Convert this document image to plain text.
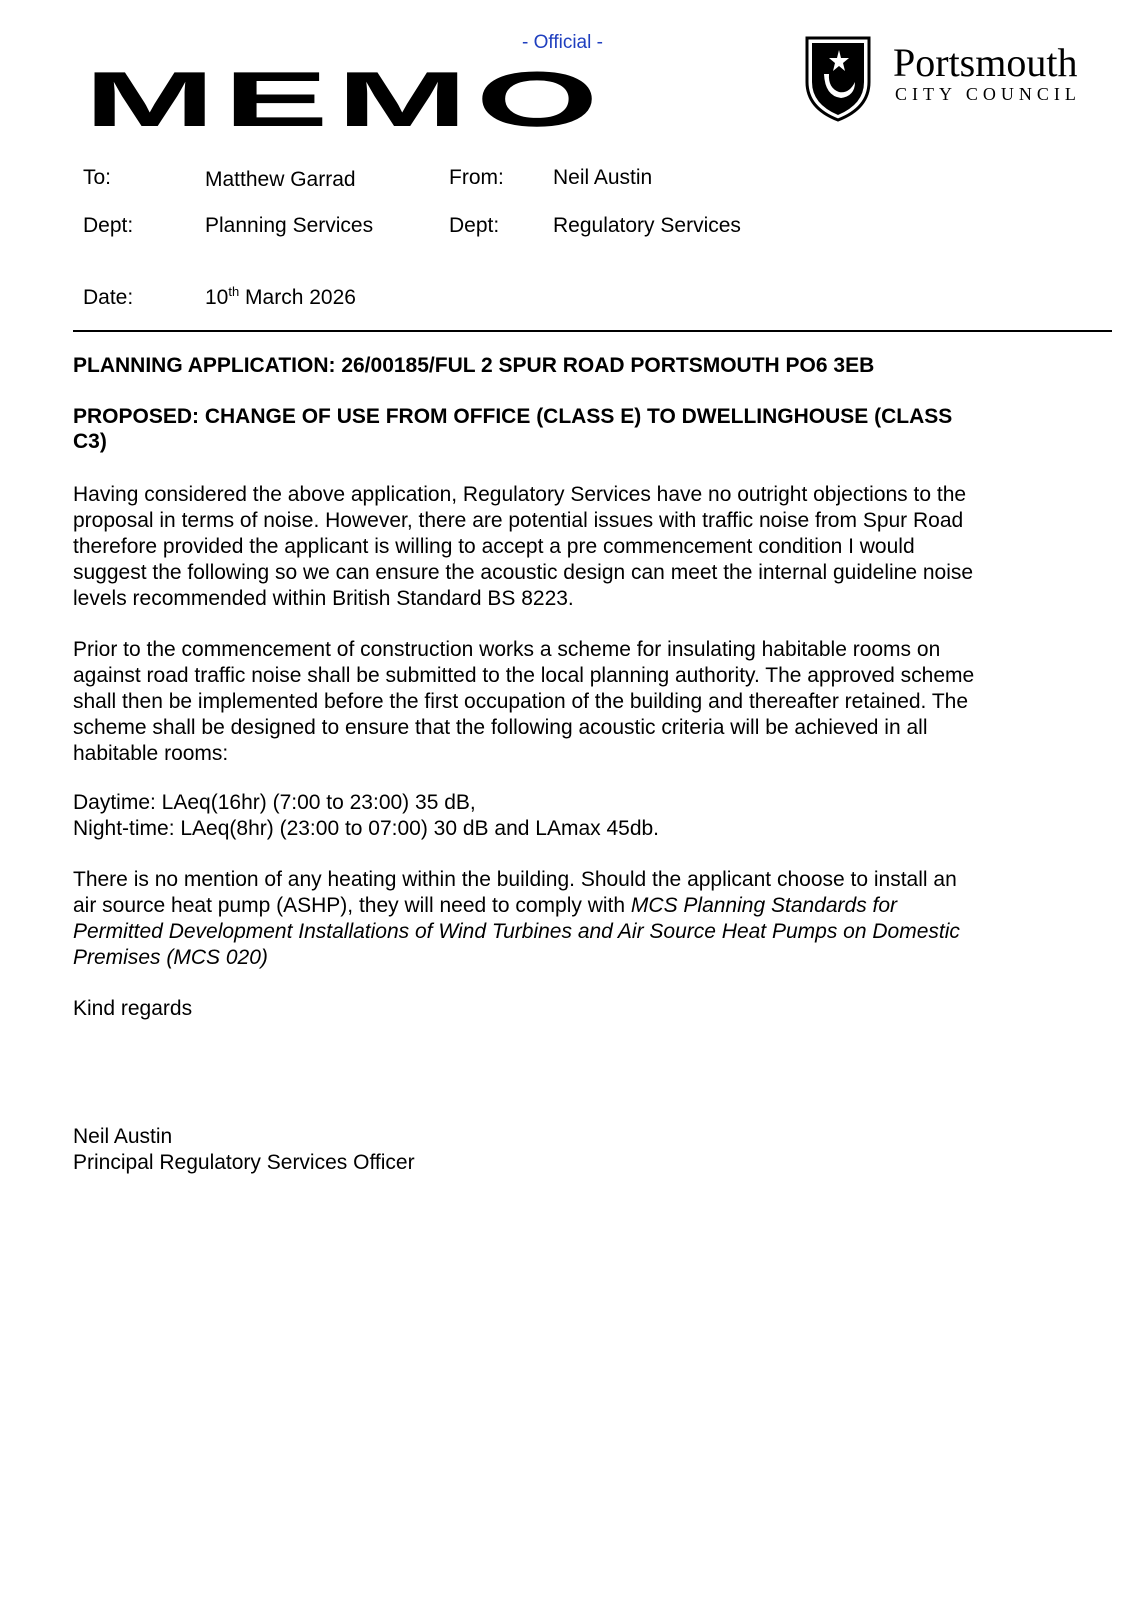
- Official -
MEMO	Portsmouth
CITY COUNCIL
To:	Matthew Garrad	From: Neil Austin
Dept:	Planning Services	Dept:	Regulatory Services
Date:	10th March 2026
PLANNING APPLICATION: 26/00185/FUL 2 SPUR ROAD PORTSMOUTH PO6 3EB
PROPOSED: CHANGE OF USE FROM OFFICE (CLASS E) TO DWELLINGHOUSE (CLASS
C3)

Having considered the above application, Regulatory Services have no outright objections to the

proposal in terms of noise. However, there are potential issues with traffic noise from Spur Road

therefore provided the applicant is willing to accept a pre commencement condition I would

suggest the following so we can ensure the acoustic design can meet the internal guideline noise

levels recommended within British Standard BS 8223.

Prior to the commencement of construction works a scheme for insulating habitable rooms on

against road traffic noise shall be submitted to the local planning authority. The approved scheme

shall then be implemented before the first occupation of the building and thereafter retained. The

scheme shall be designed to ensure that the following acoustic criteria will be achieved in all

habitable rooms:

Daytime: LAeq(16hr) (7:00 to 23:00) 35 dB,

Night-time: LAeq(8hr) (23:00 to 07:00) 30 dB and LAmax 45db.

There is no mention of any heating within the building. Should the applicant choose to install an

air source heat pump (ASHP), they will need to comply with MCS Planning Standards for

Permitted Development Installations of Wind Turbines and Air Source Heat Pumps on Domestic

Premises (MCS 020)

Kind regards

Neil Austin

Principal Regulatory Services Officer
